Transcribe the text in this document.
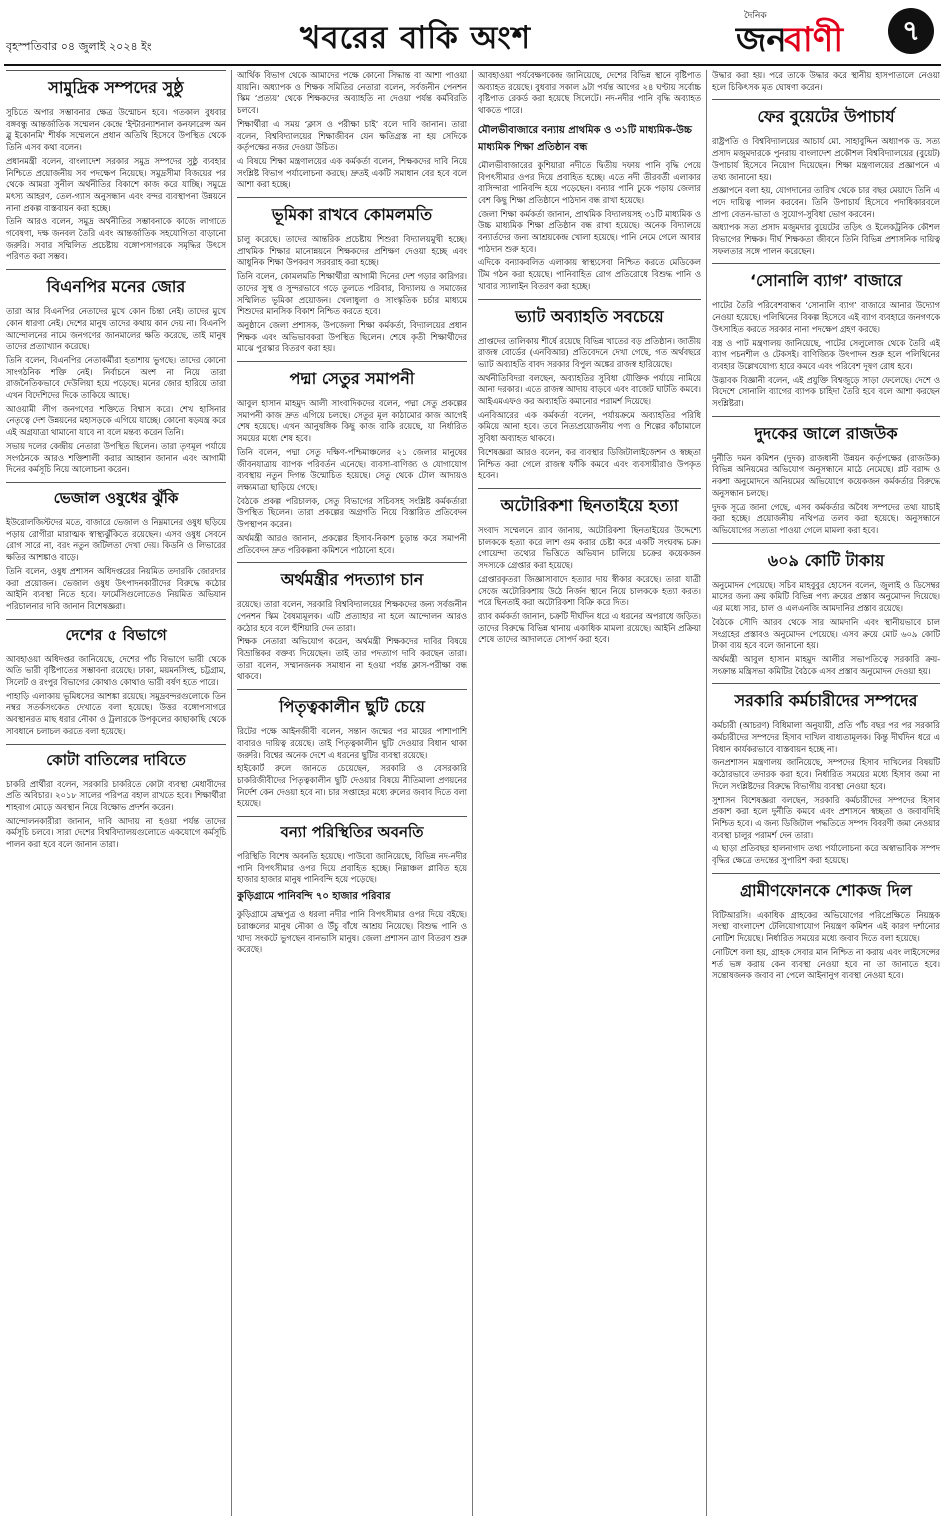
বৃহস্পতিবার ০৪ জুলাই ২০২৪ ইং	খবরের বাকি অংশ
দৈনিক
জন
বাণী	৭
সামুদ্রিক সম্পদের সুষ্ঠু

সুচিতে অপার সম্ভাবনার ক্ষেত্র উন্মোচন হবে। গতকাল বুধবার বঙ্গবন্ধু আন্তর্জাতিক সম্মেলন কেন্দ্রে 'ইন্টারন্যাশনাল কনফারেন্স অন ব্লু ইকোনমি' শীর্ষক সম্মেলনে প্রধান অতিথি হিসেবে উপস্থিত থেকে তিনি এসব কথা বলেন।

প্রধানমন্ত্রী বলেন, বাংলাদেশ সরকার সমুদ্র সম্পদের সুষ্ঠু ব্যবহার নিশ্চিতে প্রয়োজনীয় সব পদক্ষেপ নিয়েছে। সমুদ্রসীমা বিজয়ের পর থেকে আমরা সুনীল অর্থনীতির বিকাশে কাজ করে যাচ্ছি। সমুদ্রে মৎস্য আহরণ, তেল-গ্যাস অনুসন্ধান এবং বন্দর ব্যবস্থাপনা উন্নয়নে নানা প্রকল্প বাস্তবায়ন করা হচ্ছে।

তিনি আরও বলেন, সমুদ্র অর্থনীতির সম্ভাবনাকে কাজে লাগাতে গবেষণা, দক্ষ জনবল তৈরি এবং আন্তর্জাতিক সহযোগিতা বাড়ানো জরুরি। সবার সম্মিলিত প্রচেষ্টায় বঙ্গোপসাগরকে সমৃদ্ধির উৎসে পরিণত করা সম্ভব।

বিএনপির মনের জোর

তারা আর বিএনপির নেতাদের মুখে কোন চিন্তা নেই। তাদের মুখে কোন ধারণা নেই। দেশের মানুষ তাদের কথায় কান দেয় না। বিএনপি আন্দোলনের নামে জনগণের জানমালের ক্ষতি করেছে, তাই মানুষ তাদের প্রত্যাখ্যান করেছে।

তিনি বলেন, বিএনপির নেতাকর্মীরা হতাশায় ভুগছে। তাদের কোনো সাংগঠনিক শক্তি নেই। নির্বাচনে অংশ না নিয়ে তারা রাজনৈতিকভাবে দেউলিয়া হয়ে পড়েছে। মনের জোর হারিয়ে তারা এখন বিদেশিদের দিকে তাকিয়ে আছে।

আওয়ামী লীগ জনগণের শক্তিতে বিশ্বাস করে। শেখ হাসিনার নেতৃত্বে দেশ উন্নয়নের মহাসড়কে এগিয়ে যাচ্ছে। কোনো ষড়যন্ত্র করে এই অগ্রযাত্রা থামানো যাবে না বলে মন্তব্য করেন তিনি।

সভায় দলের কেন্দ্রীয় নেতারা উপস্থিত ছিলেন। তারা তৃণমূল পর্যায়ে সংগঠনকে আরও শক্তিশালী করার আহ্বান জানান এবং আগামী দিনের কর্মসূচি নিয়ে আলোচনা করেন।

ভেজাল ওষুধের ঝুঁকি

ইউরোলজিস্টদের মতে, বাজারে ভেজাল ও নিম্নমানের ওষুধ ছড়িয়ে পড়ায় রোগীরা মারাত্মক স্বাস্থ্যঝুঁকিতে রয়েছেন। এসব ওষুধ সেবনে রোগ সারে না, বরং নতুন জটিলতা দেখা দেয়। কিডনি ও লিভারের ক্ষতির আশঙ্কাও বাড়ে।

তিনি বলেন, ওষুধ প্রশাসন অধিদপ্তরের নিয়মিত তদারকি জোরদার করা প্রয়োজন। ভেজাল ওষুধ উৎপাদনকারীদের বিরুদ্ধে কঠোর আইনি ব্যবস্থা নিতে হবে। ফার্মেসিগুলোতেও নিয়মিত অভিযান পরিচালনার দাবি জানান বিশেষজ্ঞরা।

দেশের ৫ বিভাগে

আবহাওয়া অধিদপ্তর জানিয়েছে, দেশের পাঁচ বিভাগে ভারী থেকে অতি ভারী বৃষ্টিপাতের সম্ভাবনা রয়েছে। ঢাকা, ময়মনসিংহ, চট্টগ্রাম, সিলেট ও রংপুর বিভাগের কোথাও কোথাও ভারী বর্ষণ হতে পারে।

পাহাড়ি এলাকায় ভূমিধসের আশঙ্কা রয়েছে। সমুদ্রবন্দরগুলোকে তিন নম্বর সতর্কসংকেত দেখাতে বলা হয়েছে। উত্তর বঙ্গোপসাগরে অবস্থানরত মাছ ধরার নৌকা ও ট্রলারকে উপকূলের কাছাকাছি থেকে সাবধানে চলাচল করতে বলা হয়েছে।

কোটা বাতিলের দাবিতে

চাকরি প্রার্থীরা বলেন, সরকারি চাকরিতে কোটা ব্যবস্থা মেধাবীদের প্রতি অবিচার। ২০১৮ সালের পরিপত্র বহাল রাখতে হবে। শিক্ষার্থীরা শাহবাগ মোড়ে অবস্থান নিয়ে বিক্ষোভ প্রদর্শন করেন।

আন্দোলনকারীরা জানান, দাবি আদায় না হওয়া পর্যন্ত তাদের কর্মসূচি চলবে। সারা দেশের বিশ্ববিদ্যালয়গুলোতে একযোগে কর্মসূচি পালন করা হবে বলে জানান তারা।

আর্থিক বিভাগ থেকে আমাদের পক্ষে কোনো সিদ্ধান্ত বা আশা পাওয়া যায়নি। অধ্যাপক ও শিক্ষক সমিতির নেতারা বলেন, সর্বজনীন পেনশন স্কিম ‘প্রত্যয়’ থেকে শিক্ষকদের অব্যাহতি না দেওয়া পর্যন্ত কর্মবিরতি চলবে।

শিক্ষার্থীরা এ সময় ‘ক্লাস ও পরীক্ষা চাই’ বলে দাবি জানান। তারা বলেন, বিশ্ববিদ্যালয়ের শিক্ষাজীবন যেন ক্ষতিগ্রস্ত না হয় সেদিকে কর্তৃপক্ষের নজর দেওয়া উচিত।

এ বিষয়ে শিক্ষা মন্ত্রণালয়ের এক কর্মকর্তা বলেন, শিক্ষকদের দাবি নিয়ে সংশ্লিষ্ট বিভাগ পর্যালোচনা করছে। দ্রুতই একটি সমাধান বের হবে বলে আশা করা হচ্ছে।

ভূমিকা রাখবে কোমলমতি

চালু করেছে। তাদের আন্তরিক প্রচেষ্টায় শিশুরা বিদ্যালয়মুখী হচ্ছে। প্রাথমিক শিক্ষার মানোন্নয়নে শিক্ষকদের প্রশিক্ষণ দেওয়া হচ্ছে এবং আধুনিক শিক্ষা উপকরণ সরবরাহ করা হচ্ছে।

তিনি বলেন, কোমলমতি শিক্ষার্থীরা আগামী দিনের দেশ গড়ার কারিগর। তাদের সুস্থ ও সুন্দরভাবে গড়ে তুলতে পরিবার, বিদ্যালয় ও সমাজের সম্মিলিত ভূমিকা প্রয়োজন। খেলাধুলা ও সাংস্কৃতিক চর্চার মাধ্যমে শিশুদের মানসিক বিকাশ নিশ্চিত করতে হবে।

অনুষ্ঠানে জেলা প্রশাসক, উপজেলা শিক্ষা কর্মকর্তা, বিদ্যালয়ের প্রধান শিক্ষক এবং অভিভাবকরা উপস্থিত ছিলেন। শেষে কৃতী শিক্ষার্থীদের মাঝে পুরস্কার বিতরণ করা হয়।

পদ্মা সেতুর সমাপনী

আবুল হাসান মাহমুদ আলী সাংবাদিকদের বলেন, পদ্মা সেতু প্রকল্পের সমাপনী কাজ দ্রুত এগিয়ে চলছে। সেতুর মূল কাঠামোর কাজ আগেই শেষ হয়েছে। এখন আনুষঙ্গিক কিছু কাজ বাকি রয়েছে, যা নির্ধারিত সময়ের মধ্যে শেষ হবে।

তিনি বলেন, পদ্মা সেতু দক্ষিণ-পশ্চিমাঞ্চলের ২১ জেলার মানুষের জীবনযাত্রায় ব্যাপক পরিবর্তন এনেছে। ব্যবসা-বাণিজ্য ও যোগাযোগ ব্যবস্থায় নতুন দিগন্ত উন্মোচিত হয়েছে। সেতু থেকে টোল আদায়ও লক্ষ্যমাত্রা ছাড়িয়ে গেছে।

বৈঠকে প্রকল্প পরিচালক, সেতু বিভাগের সচিবসহ সংশ্লিষ্ট কর্মকর্তারা উপস্থিত ছিলেন। তারা প্রকল্পের অগ্রগতি নিয়ে বিস্তারিত প্রতিবেদন উপস্থাপন করেন।

অর্থমন্ত্রী আরও জানান, প্রকল্পের হিসাব-নিকাশ চূড়ান্ত করে সমাপনী প্রতিবেদন দ্রুত পরিকল্পনা কমিশনে পাঠানো হবে।

অর্থমন্ত্রীর পদত্যাগ চান

রয়েছে। তারা বলেন, সরকারি বিশ্ববিদ্যালয়ের শিক্ষকদের জন্য সর্বজনীন পেনশন স্কিম বৈষম্যমূলক। এটি প্রত্যাহার না হলে আন্দোলন আরও কঠোর হবে বলে হুঁশিয়ারি দেন তারা।

শিক্ষক নেতারা অভিযোগ করেন, অর্থমন্ত্রী শিক্ষকদের দাবির বিষয়ে বিভ্রান্তিকর বক্তব্য দিয়েছেন। তাই তার পদত্যাগ দাবি করছেন তারা। তারা বলেন, সম্মানজনক সমাধান না হওয়া পর্যন্ত ক্লাস-পরীক্ষা বন্ধ থাকবে।

পিতৃত্বকালীন ছুটি চেয়ে

রিটের পক্ষে আইনজীবী বলেন, সন্তান জন্মের পর মায়ের পাশাপাশি বাবারও দায়িত্ব রয়েছে। তাই পিতৃত্বকালীন ছুটি দেওয়ার বিধান থাকা জরুরি। বিশ্বের অনেক দেশে এ ধরনের ছুটির ব্যবস্থা রয়েছে।

হাইকোর্ট রুলে জানতে চেয়েছেন, সরকারি ও বেসরকারি চাকরিজীবীদের পিতৃত্বকালীন ছুটি দেওয়ার বিষয়ে নীতিমালা প্রণয়নের নির্দেশ কেন দেওয়া হবে না। চার সপ্তাহের মধ্যে রুলের জবাব দিতে বলা হয়েছে।

বন্যা পরিস্থিতির অবনতি

পরিস্থিতি বিশেষ অবনতি হয়েছে। পাউবো জানিয়েছে, বিভিন্ন নদ-নদীর পানি বিপৎসীমার ওপর দিয়ে প্রবাহিত হচ্ছে। নিম্নাঞ্চল প্লাবিত হয়ে হাজার হাজার মানুষ পানিবন্দি হয়ে পড়েছে।

কুড়িগ্রামে পানিবন্দি ৭০ হাজার পরিবার

কুড়িগ্রামে ব্রহ্মপুত্র ও ধরলা নদীর পানি বিপৎসীমার ওপর দিয়ে বইছে। চরাঞ্চলের মানুষ নৌকা ও উঁচু বাঁধে আশ্রয় নিয়েছে। বিশুদ্ধ পানি ও খাদ্য সংকটে ভুগছেন বানভাসি মানুষ। জেলা প্রশাসন ত্রাণ বিতরণ শুরু করেছে।

আবহাওয়া পর্যবেক্ষণকেন্দ্র জানিয়েছে, দেশের বিভিন্ন স্থানে বৃষ্টিপাত অব্যাহত রয়েছে। বুধবার সকাল ৯টা পর্যন্ত আগের ২৪ ঘণ্টায় সর্বোচ্চ বৃষ্টিপাত রেকর্ড করা হয়েছে সিলেটে। নদ-নদীর পানি বৃদ্ধি অব্যাহত থাকতে পারে।

মৌলভীবাজারে বন্যায় প্রাথমিক ও ৩১টি মাধ্যমিক-উচ্চ মাধ্যমিক শিক্ষা প্রতিষ্ঠান বন্ধ

মৌলভীবাজারের কুশিয়ারা নদীতে দ্বিতীয় দফায় পানি বৃদ্ধি পেয়ে বিপৎসীমার ওপর দিয়ে প্রবাহিত হচ্ছে। এতে নদী তীরবর্তী এলাকার বাসিন্দারা পানিবন্দি হয়ে পড়েছেন। বন্যার পানি ঢুকে পড়ায় জেলার বেশ কিছু শিক্ষা প্রতিষ্ঠানে পাঠদান বন্ধ রাখা হয়েছে।

জেলা শিক্ষা কর্মকর্তা জানান, প্রাথমিক বিদ্যালয়সহ ৩১টি মাধ্যমিক ও উচ্চ মাধ্যমিক শিক্ষা প্রতিষ্ঠান বন্ধ রাখা হয়েছে। অনেক বিদ্যালয়ে বন্যার্তদের জন্য আশ্রয়কেন্দ্র খোলা হয়েছে। পানি নেমে গেলে আবার পাঠদান শুরু হবে।

এদিকে বন্যাকবলিত এলাকায় স্বাস্থ্যসেবা নিশ্চিত করতে মেডিকেল টিম গঠন করা হয়েছে। পানিবাহিত রোগ প্রতিরোধে বিশুদ্ধ পানি ও খাবার স্যালাইন বিতরণ করা হচ্ছে।

ভ্যাট অব্যাহতি সবচেয়ে

প্রাপ্তদের তালিকায় শীর্ষে রয়েছে বিভিন্ন খাতের বড় প্রতিষ্ঠান। জাতীয় রাজস্ব বোর্ডের (এনবিআর) প্রতিবেদনে দেখা গেছে, গত অর্থবছরে ভ্যাট অব্যাহতি বাবদ সরকার বিপুল অঙ্কের রাজস্ব হারিয়েছে।

অর্থনীতিবিদরা বলছেন, অব্যাহতির সুবিধা যৌক্তিক পর্যায়ে নামিয়ে আনা দরকার। এতে রাজস্ব আদায় বাড়বে এবং বাজেট ঘাটতি কমবে। আইএমএফও কর অব্যাহতি কমানোর পরামর্শ দিয়েছে।

এনবিআরের এক কর্মকর্তা বলেন, পর্যায়ক্রমে অব্যাহতির পরিধি কমিয়ে আনা হবে। তবে নিত্যপ্রয়োজনীয় পণ্য ও শিল্পের কাঁচামালে সুবিধা অব্যাহত থাকবে।

বিশেষজ্ঞরা আরও বলেন, কর ব্যবস্থার ডিজিটালাইজেশন ও স্বচ্ছতা নিশ্চিত করা গেলে রাজস্ব ফাঁকি কমবে এবং ব্যবসায়ীরাও উপকৃত হবেন।

অটোরিকশা ছিনতাইয়ে হত্যা

সংবাদ সম্মেলনে র‍্যাব জানায়, অটোরিকশা ছিনতাইয়ের উদ্দেশ্যে চালককে হত্যা করে লাশ গুম করার চেষ্টা করে একটি সংঘবদ্ধ চক্র। গোয়েন্দা তথ্যের ভিত্তিতে অভিযান চালিয়ে চক্রের কয়েকজন সদস্যকে গ্রেপ্তার করা হয়েছে।

গ্রেপ্তারকৃতরা জিজ্ঞাসাবাদে হত্যার দায় স্বীকার করেছে। তারা যাত্রী সেজে অটোরিকশায় উঠে নির্জন স্থানে নিয়ে চালককে হত্যা করত। পরে ছিনতাই করা অটোরিকশা বিক্রি করে দিত।

র‍্যাব কর্মকর্তা জানান, চক্রটি দীর্ঘদিন ধরে এ ধরনের অপরাধে জড়িত। তাদের বিরুদ্ধে বিভিন্ন থানায় একাধিক মামলা রয়েছে। আইনি প্রক্রিয়া শেষে তাদের আদালতে সোপর্দ করা হবে।

উদ্ধার করা হয়। পরে তাকে উদ্ধার করে স্থানীয় হাসপাতালে নেওয়া হলে চিকিৎসক মৃত ঘোষণা করেন।

ফের বুয়েটের উপাচার্য

রাষ্ট্রপতি ও বিশ্ববিদ্যালয়ের আচার্য মো. সাহাবুদ্দিন অধ্যাপক ড. সত্য প্রসাদ মজুমদারকে পুনরায় বাংলাদেশ প্রকৌশল বিশ্ববিদ্যালয়ের (বুয়েট) উপাচার্য হিসেবে নিয়োগ দিয়েছেন। শিক্ষা মন্ত্রণালয়ের প্রজ্ঞাপনে এ তথ্য জানানো হয়।

প্রজ্ঞাপনে বলা হয়, যোগদানের তারিখ থেকে চার বছর মেয়াদে তিনি এ পদে দায়িত্ব পালন করবেন। তিনি উপাচার্য হিসেবে পদাধিকারবলে প্রাপ্য বেতন-ভাতা ও সুযোগ-সুবিধা ভোগ করবেন।

অধ্যাপক সত্য প্রসাদ মজুমদার বুয়েটের তড়িৎ ও ইলেকট্রনিক কৌশল বিভাগের শিক্ষক। দীর্ঘ শিক্ষকতা জীবনে তিনি বিভিন্ন প্রশাসনিক দায়িত্ব সফলতার সঙ্গে পালন করেছেন।

‘সোনালি ব্যাগ’ বাজারে

পাটের তৈরি পরিবেশবান্ধব ‘সোনালি ব্যাগ’ বাজারে আনার উদ্যোগ নেওয়া হয়েছে। পলিথিনের বিকল্প হিসেবে এই ব্যাগ ব্যবহারে জনগণকে উৎসাহিত করতে সরকার নানা পদক্ষেপ গ্রহণ করছে।

বস্ত্র ও পাট মন্ত্রণালয় জানিয়েছে, পাটের সেলুলোজ থেকে তৈরি এই ব্যাগ পচনশীল ও টেকসই। বাণিজ্যিক উৎপাদন শুরু হলে পলিথিনের ব্যবহার উল্লেখযোগ্য হারে কমবে এবং পরিবেশ দূষণ রোধ হবে।

উদ্ভাবক বিজ্ঞানী বলেন, এই প্রযুক্তি বিশ্বজুড়ে সাড়া ফেলেছে। দেশে ও বিদেশে সোনালি ব্যাগের ব্যাপক চাহিদা তৈরি হবে বলে আশা করছেন সংশ্লিষ্টরা।

দুদকের জালে রাজউক

দুর্নীতি দমন কমিশন (দুদক) রাজধানী উন্নয়ন কর্তৃপক্ষের (রাজউক) বিভিন্ন অনিয়মের অভিযোগ অনুসন্ধানে মাঠে নেমেছে। প্লট বরাদ্দ ও নকশা অনুমোদনে অনিয়মের অভিযোগে কয়েকজন কর্মকর্তার বিরুদ্ধে অনুসন্ধান চলছে।

দুদক সূত্রে জানা গেছে, এসব কর্মকর্তার অবৈধ সম্পদের তথ্য যাচাই করা হচ্ছে। প্রয়োজনীয় নথিপত্র তলব করা হয়েছে। অনুসন্ধানে অভিযোগের সত্যতা পাওয়া গেলে মামলা করা হবে।

৬০৯ কোটি টাকায়

অনুমোদন পেয়েছে। সচিব মাহবুবুর হোসেন বলেন, জুলাই ও ডিসেম্বর মাসের জন্য ক্রয় কমিটি বিভিন্ন পণ্য ক্রয়ের প্রস্তাব অনুমোদন দিয়েছে। এর মধ্যে সার, চাল ও এলএনজি আমদানির প্রস্তাব রয়েছে।

বৈঠকে সৌদি আরব থেকে সার আমদানি এবং স্থানীয়ভাবে চাল সংগ্রহের প্রস্তাবও অনুমোদন পেয়েছে। এসব ক্রয়ে মোট ৬০৯ কোটি টাকা ব্যয় হবে বলে জানানো হয়।

অর্থমন্ত্রী আবুল হাসান মাহমুদ আলীর সভাপতিত্বে সরকারি ক্রয়-সংক্রান্ত মন্ত্রিসভা কমিটির বৈঠকে এসব প্রস্তাব অনুমোদন দেওয়া হয়।

সরকারি কর্মচারীদের সম্পদের

কর্মচারী (আচরণ) বিধিমালা অনুযায়ী, প্রতি পাঁচ বছর পর পর সরকারি কর্মচারীদের সম্পদের হিসাব দাখিল বাধ্যতামূলক। কিন্তু দীর্ঘদিন ধরে এ বিধান কার্যকরভাবে বাস্তবায়ন হচ্ছে না।

জনপ্রশাসন মন্ত্রণালয় জানিয়েছে, সম্পদের হিসাব দাখিলের বিষয়টি কঠোরভাবে তদারক করা হবে। নির্ধারিত সময়ের মধ্যে হিসাব জমা না দিলে সংশ্লিষ্টদের বিরুদ্ধে বিভাগীয় ব্যবস্থা নেওয়া হবে।

সুশাসন বিশেষজ্ঞরা বলছেন, সরকারি কর্মচারীদের সম্পদের হিসাব প্রকাশ করা হলে দুর্নীতি কমবে এবং প্রশাসনে স্বচ্ছতা ও জবাবদিহি নিশ্চিত হবে। এ জন্য ডিজিটাল পদ্ধতিতে সম্পদ বিবরণী জমা নেওয়ার ব্যবস্থা চালুর পরামর্শ দেন তারা।

এ ছাড়া প্রতিবছর হালনাগাদ তথ্য পর্যালোচনা করে অস্বাভাবিক সম্পদ বৃদ্ধির ক্ষেত্রে তদন্তের সুপারিশ করা হয়েছে।

গ্রামীণফোনকে শোকজ দিল

বিটিআরসি। একাধিক গ্রাহকের অভিযোগের পরিপ্রেক্ষিতে নিয়ন্ত্রক সংস্থা বাংলাদেশ টেলিযোগাযোগ নিয়ন্ত্রণ কমিশন এই কারণ দর্শানোর নোটিশ দিয়েছে। নির্ধারিত সময়ের মধ্যে জবাব দিতে বলা হয়েছে।

নোটিশে বলা হয়, গ্রাহক সেবার মান নিশ্চিত না করায় এবং লাইসেন্সের শর্ত ভঙ্গ করায় কেন ব্যবস্থা নেওয়া হবে না তা জানাতে হবে। সন্তোষজনক জবাব না পেলে আইনানুগ ব্যবস্থা নেওয়া হবে।
